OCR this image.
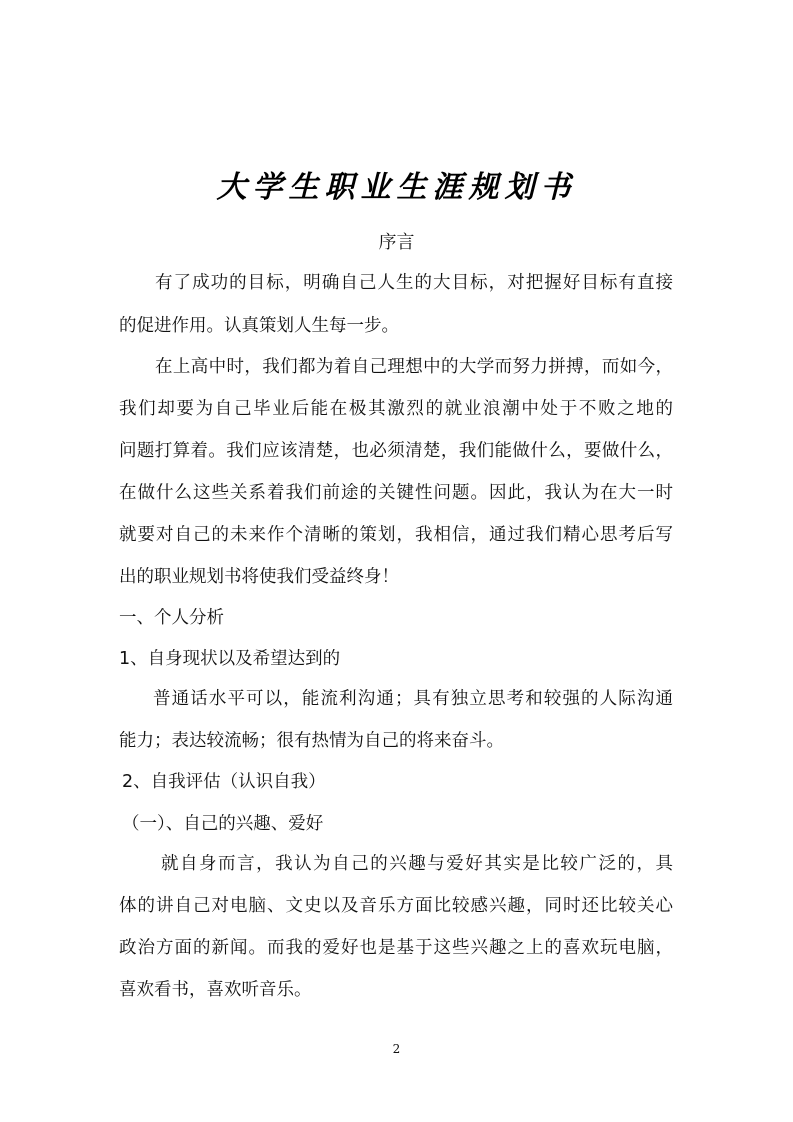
大学生职业生涯规划书
序言
有了成功的目标，明确自己人生的大目标，对把握好目标有直接
的促进作用。认真策划人生每一步。
在上高中时，我们都为着自己理想中的大学而努力拼搏，而如今，
我们却要为自己毕业后能在极其激烈的就业浪潮中处于不败之地的
问题打算着。我们应该清楚，也必须清楚，我们能做什么，要做什么，
在做什么这些关系着我们前途的关键性问题。因此，我认为在大一时
就要对自己的未来作个清晰的策划，我相信，通过我们精心思考后写
出的职业规划书将使我们受益终身！
一、个人分析
1、自身现状以及希望达到的
普通话水平可以，能流利沟通；具有独立思考和较强的人际沟通
能力；表达较流畅；很有热情为自己的将来奋斗。
2、自我评估（认识自我）
（一）、自己的兴趣、爱好
就自身而言，我认为自己的兴趣与爱好其实是比较广泛的，具
体的讲自己对电脑、文史以及音乐方面比较感兴趣，同时还比较关心
政治方面的新闻。而我的爱好也是基于这些兴趣之上的喜欢玩电脑，
喜欢看书，喜欢听音乐。
2
